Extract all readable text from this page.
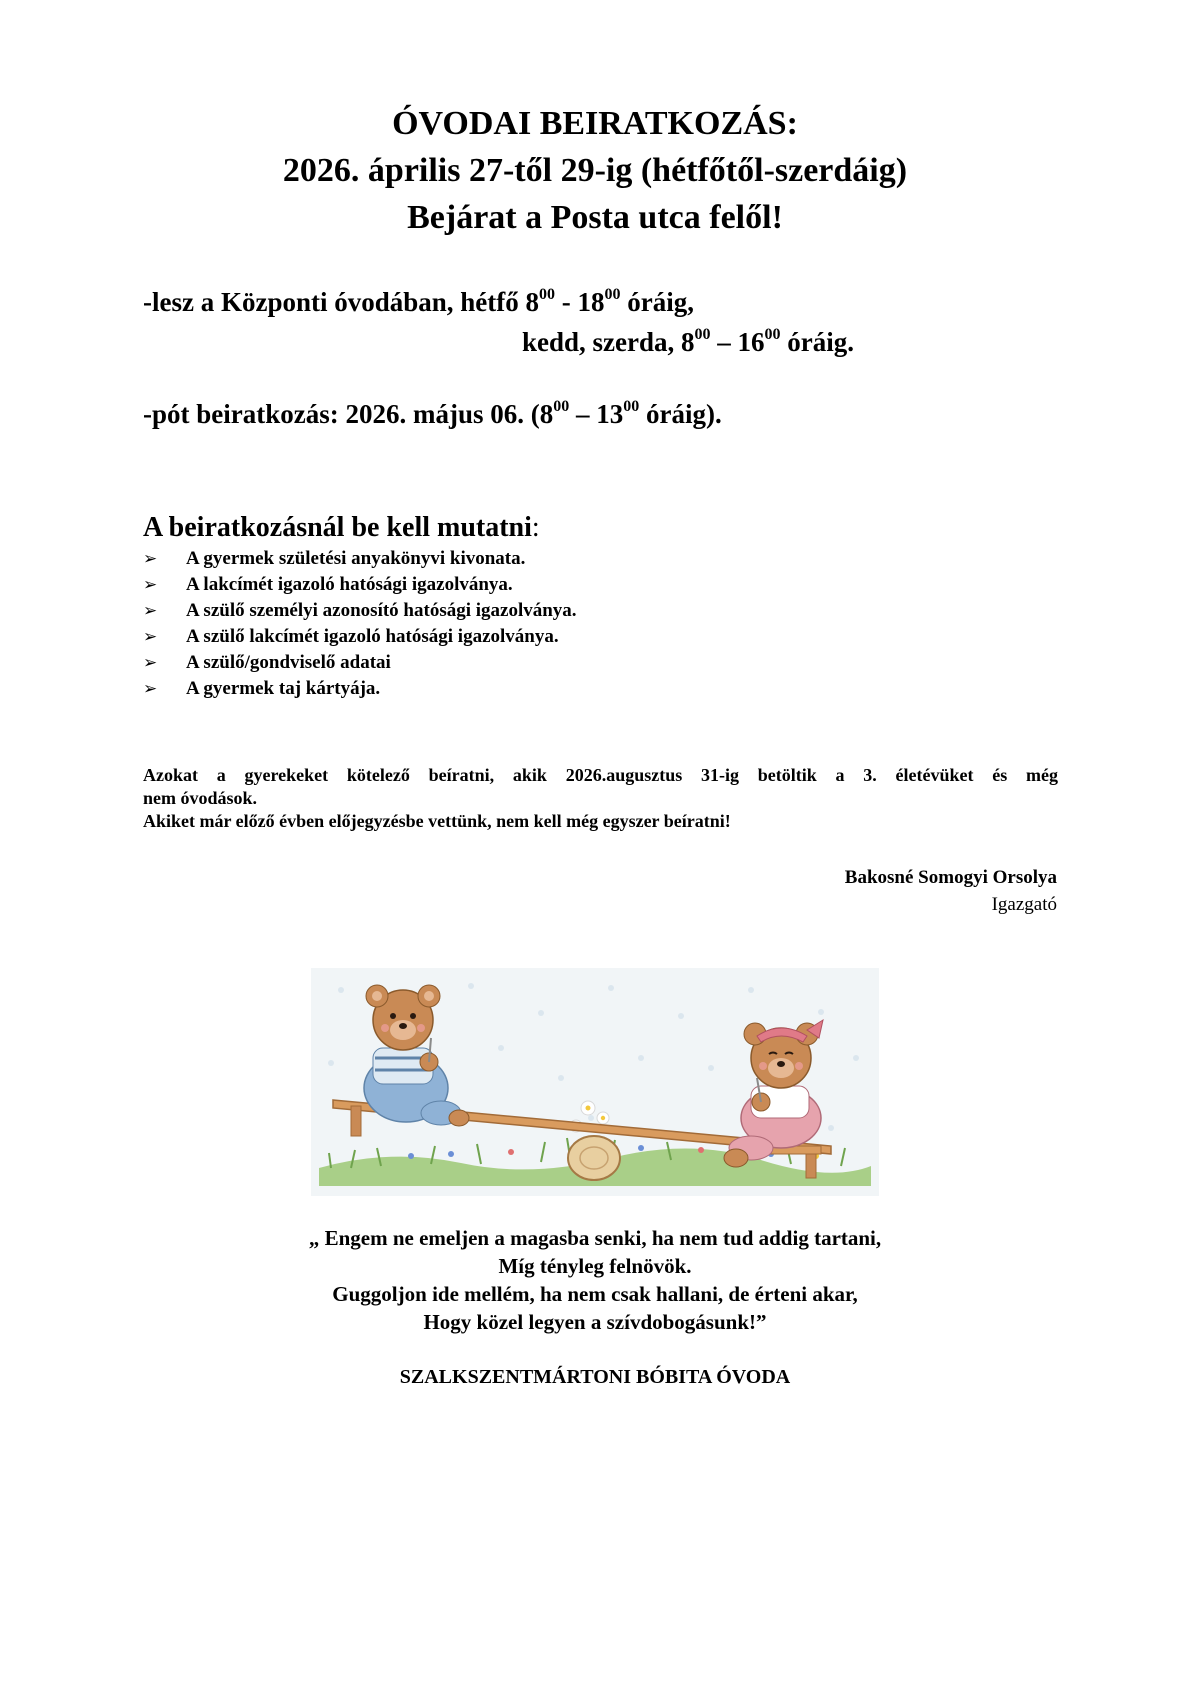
ÓVODAI BEIRATKOZÁS:
2026. április 27-től 29-ig (hétfőtől-szerdáig)
Bejárat a Posta utca felől!
-lesz a Központi óvodában, hétfő $8^{00} - 18^{00}$ óráig,
kedd, szerda, $8^{00} - 16^{00}$ óráig.
-pót beiratkozás: 2026. május 06. ($8^{00} - 13^{00}$ óráig).
A beiratkozásnál be kell mutatni:
➢	A gyermek születési anyakönyvi kivonata.
➢	A lakcímét igazoló hatósági igazolványa.
➢	A szülő személyi azonosító hatósági igazolványa.
➢	A szülő lakcímét igazoló hatósági igazolványa.
➢	A szülő/gondviselő adatai
➢	A gyermek taj kártyája.

Azokat a gyerekeket kötelező beíratni, akik 2026.augusztus 31-ig betöltik a 3. életévüket és még

nem óvodások.

Akiket már előző évben előjegyzésbe vettünk, nem kell még egyszer beíratni!

Bakosné Somogyi Orsolya
Igazgató

„ Engem ne emeljen a magasba senki, ha nem tud addig tartani,

Míg tényleg felnövök.

Guggoljon ide mellém, ha nem csak hallani, de érteni akar,

Hogy közel legyen a szívdobogásunk!”

SZALKSZENTMÁRTONI BÓBITA ÓVODA
